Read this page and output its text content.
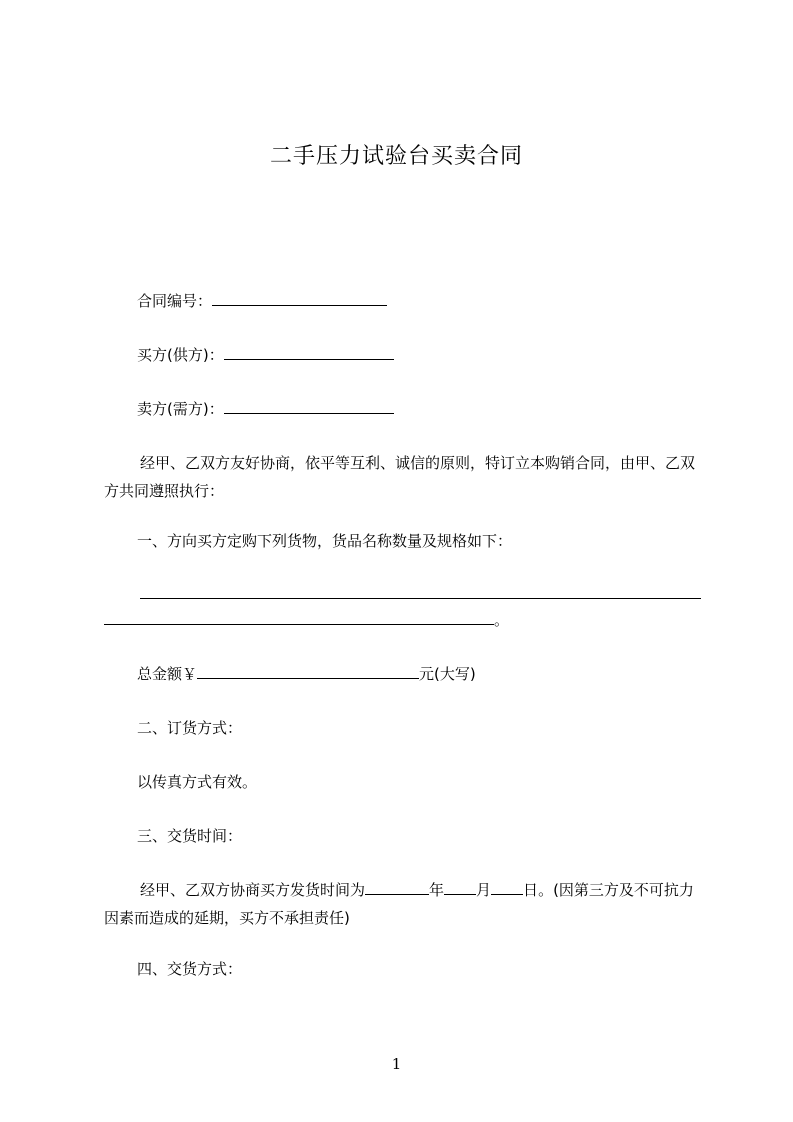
二手压力试验台买卖合同
合同编号：
买方(供方)：
卖方(需方)：
经甲、乙双方友好协商，依平等互利、诚信的原则，特订立本购销合同，由甲、乙双方共同遵照执行：
一、方向买方定购下列货物，货品名称数量及规格如下：
。
总金额￥	元(大写)
二、订货方式：
以传真方式有效。
三、交货时间：
经甲、乙双方协商买方发货时间为	年 月 日。(因第三方及不可抗力因素而造成的延期，买方不承担责任)
四、交货方式：
1
